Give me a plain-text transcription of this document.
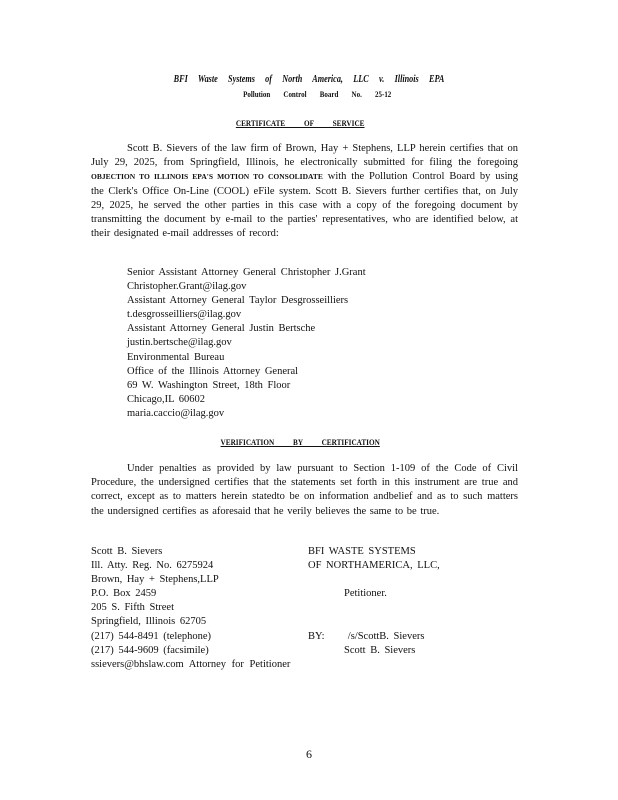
BFI Waste Systems of North America, LLC v. Illinois EPA
Pollution Control Board No. 25-12
CERTIFICATE OF SERVICE
Scott B. Sievers of the law firm of Brown, Hay + Stephens, LLP herein certifies that on July 29, 2025, from Springfield, Illinois, he electronically submitted for filing the foregoing OBJECTION TO ILLINOIS EPA'S MOTION TO CONSOLIDATE with the Pollution Control Board by using the Clerk's Office On-Line (COOL) eFile system. Scott B. Sievers further certifies that, on July 29, 2025, he served the other parties in this case with a copy of the foregoing document by transmitting the document by e-mail to the parties' representatives, who are identified below, at their designated e-mail addresses of record:
Senior Assistant Attorney General Christopher J.Grant
Christopher.Grant@ilag.gov
Assistant Attorney General Taylor Desgrosseilliers
t.desgrosseilliers@ilag.gov
Assistant Attorney General Justin Bertsche
justin.bertsche@ilag.gov
Environmental Bureau
Office of the Illinois Attorney General
69 W. Washington Street, 18th Floor
Chicago,IL 60602
maria.caccio@ilag.gov
VERIFICATION BY CERTIFICATION
Under penalties as provided by law pursuant to Section 1-109 of the Code of Civil Procedure, the undersigned certifies that the statements set forth in this instrument are true and correct, except as to matters herein statedto be on information andbelief and as to such matters the undersigned certifies as aforesaid that he verily believes the same to be true.
Scott B. Sievers
Ill. Atty. Reg. No. 6275924
Brown, Hay + Stephens,LLP
P.O. Box 2459
205 S. Fifth Street
Springfield, Illinois 62705
(217) 544-8491 (telephone)
(217) 544-9609 (facsimile)
ssievers@bhslaw.com Attorney for Petitioner
BFI WASTE SYSTEMS
OF NORTHAMERICA, LLC,
Petitioner.
BY: /s/ScottB. Sievers
Scott B. Sievers
6
